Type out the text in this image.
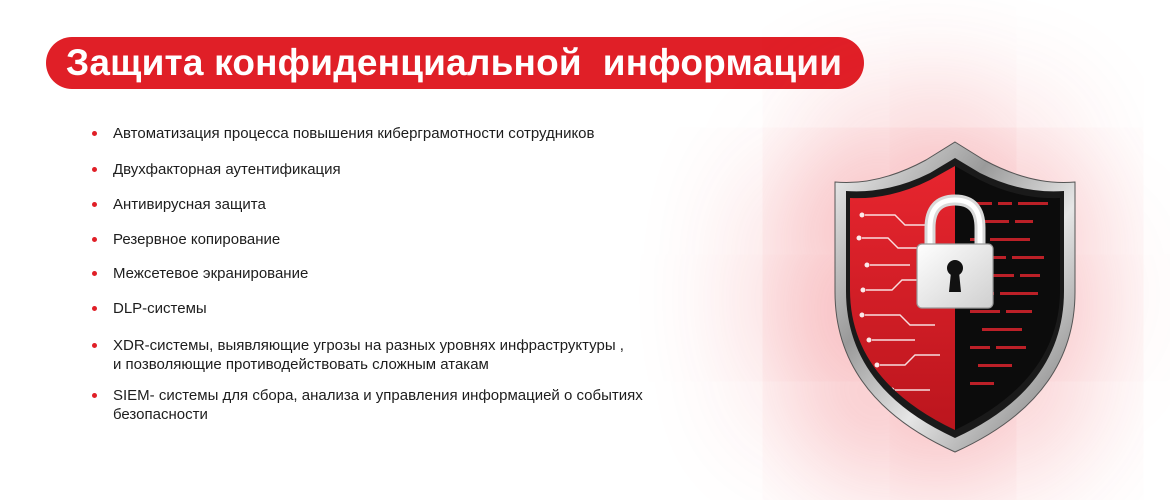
Защита конфиденциальной  информации
Автоматизация процесса повышения киберграмотности сотрудников
Двухфакторная аутентификация
Антивирусная защита
Резервное копирование
Межсетевое экранирование
DLP-системы
XDR-системы, выявляющие угрозы на разных уровнях инфраструктуры , и позволяющие противодействовать сложным атакам
SIEM- системы для сбора, анализа и управления информацией о событиях безопасности
